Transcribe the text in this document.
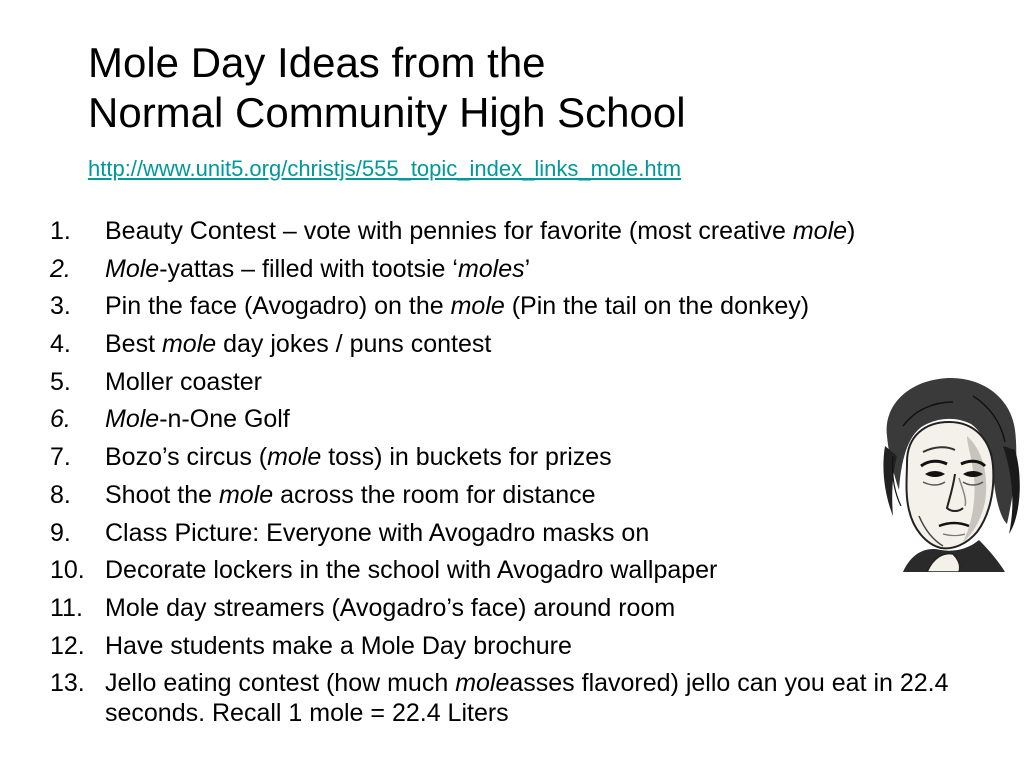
Mole Day Ideas from the
Normal Community High School
http://www.unit5.org/christjs/555_topic_index_links_mole.htm
1.	Beauty Contest – vote with pennies for favorite (most creative mole)
2.	Mole-yattas – filled with tootsie ‘moles’
3.	Pin the face (Avogadro) on the mole (Pin the tail on the donkey)
4.	Best mole day jokes / puns contest
5.	Moller coaster
6.	Mole-n-One Golf
7.	Bozo’s circus (mole toss) in buckets for prizes
8.	Shoot the mole across the room for distance
9.	Class Picture: Everyone with Avogadro masks on
10. Decorate lockers in the school with Avogadro wallpaper
11. Mole day streamers (Avogadro’s face) around room
12. Have students make a Mole Day brochure
13. Jello eating contest (how much moleasses flavored) jello can you eat in 22.4 seconds. Recall 1 mole = 22.4 Liters
